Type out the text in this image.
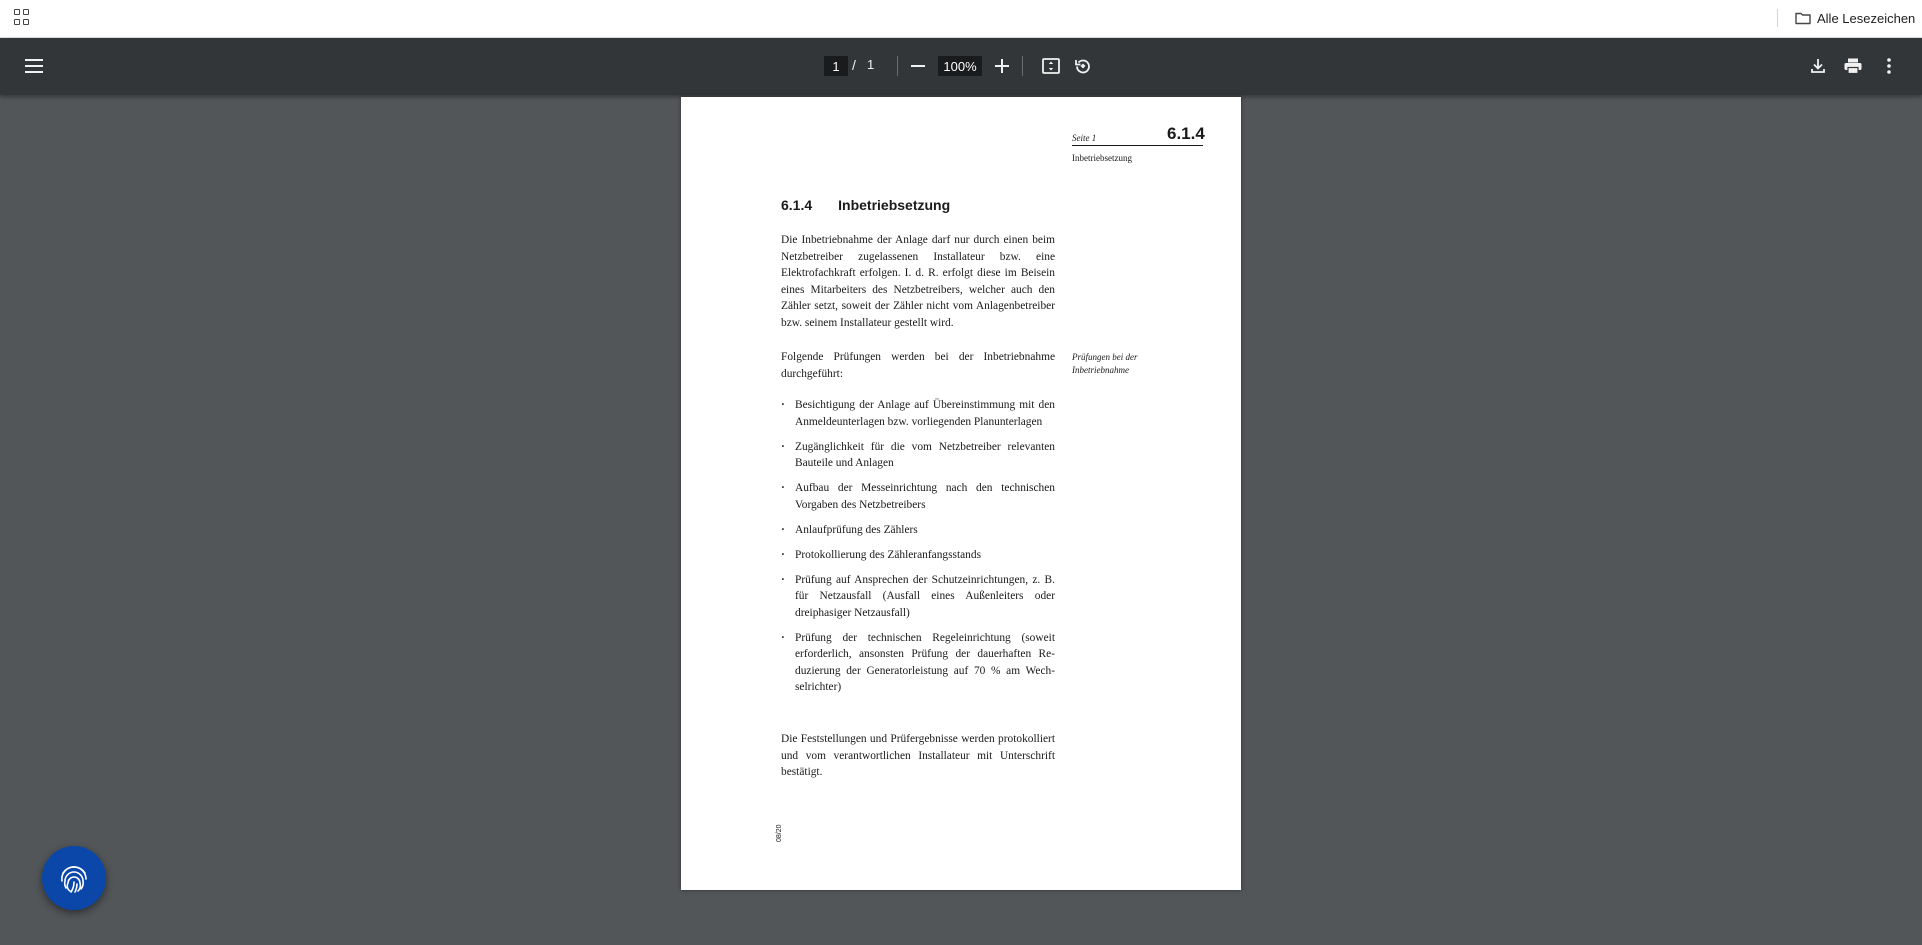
Alle Lesezeichen
1 / 1	100%
Seite 1	6.1.4
Inbetriebsetzung
6.1.4 Inbetriebsetzung

Die Inbetriebnahme der Anlage darf nur durch einen beim Netzbetreiber zugelassenen Installateur bzw. eine Elektrofachkraft erfolgen. I. d. R. erfolgt diese im Beisein eines Mitarbeiters des Netzbetreibers, welcher auch den Zähler setzt, soweit der Zähler nicht vom Anlagenbetreiber bzw. seinem Installateur gestellt wird.

Folgende Prüfungen werden bei der Inbetriebnahme durchgeführt:

Prüfungen bei der Inbetriebnahme
· Besichtigung der Anlage auf Übereinstimmung mit den Anmeldeunterlagen bzw. vorliegenden Planunterlagen
· Zugänglichkeit für die vom Netzbetreiber relevanten Bauteile und Anlagen
· Aufbau der Messeinrichtung nach den technischen Vorgaben des Netzbetreibers
· Anlaufprüfung des Zählers
· Protokollierung des Zähleranfangsstands
· Prüfung auf Ansprechen der Schutzeinrichtungen, z. B. für Netzausfall (Ausfall eines Außenleiters oder dreiphasiger Netzausfall)
· Prüfung der technischen Regeleinrichtung (soweit erforderlich, ansonsten Prüfung der dauerhaften Reduzierung der Generatorleistung auf 70 % am Wechselrichter)

Die Feststellungen und Prüfergebnisse werden protokolliert und vom verantwortlichen Installateur mit Unterschrift bestätigt.

08/20
